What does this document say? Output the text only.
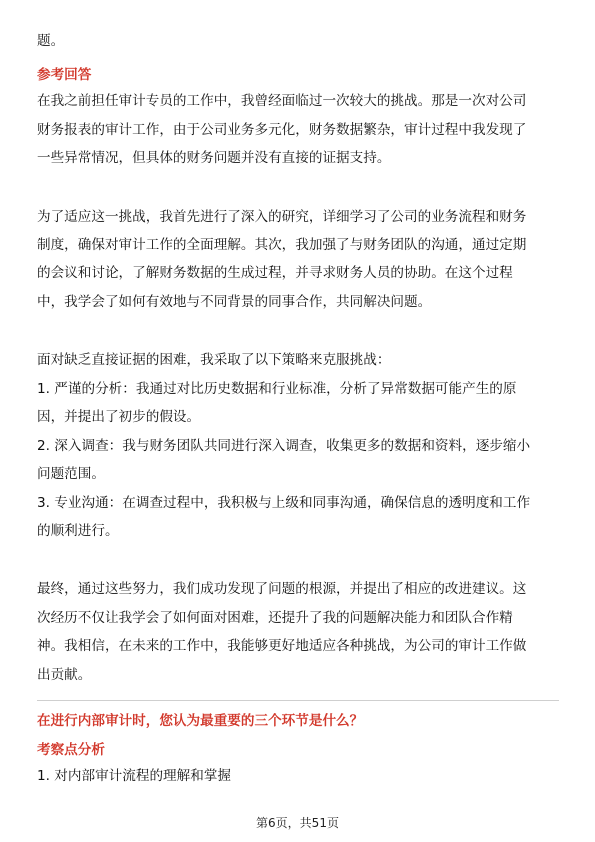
题。
参考回答
在我之前担任审计专员的工作中，我曾经面临过一次较大的挑战。那是一次对公司
财务报表的审计工作，由于公司业务多元化，财务数据繁杂，审计过程中我发现了
一些异常情况，但具体的财务问题并没有直接的证据支持。
为了适应这一挑战，我首先进行了深入的研究，详细学习了公司的业务流程和财务
制度，确保对审计工作的全面理解。其次，我加强了与财务团队的沟通，通过定期
的会议和讨论，了解财务数据的生成过程，并寻求财务人员的协助。在这个过程
中，我学会了如何有效地与不同背景的同事合作，共同解决问题。
面对缺乏直接证据的困难，我采取了以下策略来克服挑战：
1. 严谨的分析：我通过对比历史数据和行业标准，分析了异常数据可能产生的原
因，并提出了初步的假设。
2. 深入调查：我与财务团队共同进行深入调查，收集更多的数据和资料，逐步缩小
问题范围。
3. 专业沟通：在调查过程中，我积极与上级和同事沟通，确保信息的透明度和工作
的顺利进行。
最终，通过这些努力，我们成功发现了问题的根源，并提出了相应的改进建议。这
次经历不仅让我学会了如何面对困难，还提升了我的问题解决能力和团队合作精
神。我相信，在未来的工作中，我能够更好地适应各种挑战，为公司的审计工作做
出贡献。
在进行内部审计时，您认为最重要的三个环节是什么？
考察点分析
1. 对内部审计流程的理解和掌握
第6页，共51页
